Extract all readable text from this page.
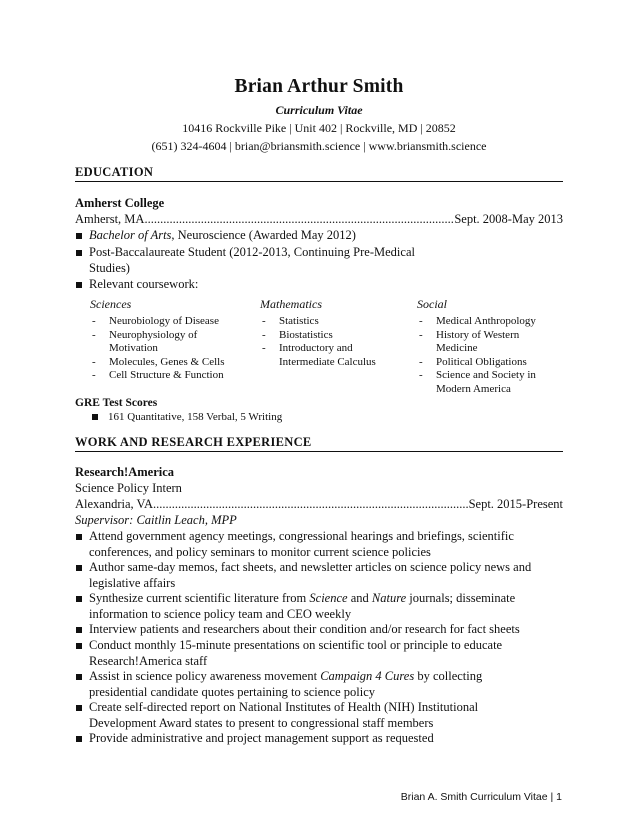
Brian Arthur Smith
Curriculum Vitae
10416 Rockville Pike | Unit 402 | Rockville, MD | 20852
(651) 324-4604 | brian@briansmith.science | www.briansmith.science
EDUCATION
Amherst College
Amherst, MA .....	Sept. 2008-May 2013
Bachelor of Arts, Neuroscience (Awarded May 2012)
Post-Baccalaureate Student (2012-2013, Continuing Pre-Medical
Studies)
Relevant coursework:
Sciences
- Neurobiology of Disease
- Neurophysiology of
Motivation
- Molecules, Genes & Cells
- Cell Structure & Function
Mathematics
- Statistics
- Biostatistics
- Introductory and
Intermediate Calculus
Social
- Medical Anthropology
- History of Western
Medicine
- Political Obligations
- Science and Society in
Modern America
GRE Test Scores
161 Quantitative, 158 Verbal, 5 Writing
WORK AND RESEARCH EXPERIENCE
Research!America
Science Policy Intern
Alexandria, VA .....	Sept. 2015-Present
Supervisor: Caitlin Leach, MPP
Attend government agency meetings, congressional hearings and briefings, scientific
conferences, and policy seminars to monitor current science policies
Author same-day memos, fact sheets, and newsletter articles on science policy news and
legislative affairs
Synthesize current scientific literature from Science and Nature journals; disseminate
information to science policy team and CEO weekly
Interview patients and researchers about their condition and/or research for fact sheets
Conduct monthly 15-minute presentations on scientific tool or principle to educate
Research!America staff
Assist in science policy awareness movement Campaign 4 Cures by collecting
presidential candidate quotes pertaining to science policy
Create self-directed report on National Institutes of Health (NIH) Institutional
Development Award states to present to congressional staff members
Provide administrative and project management support as requested
Brian A. Smith Curriculum Vitae | 1
